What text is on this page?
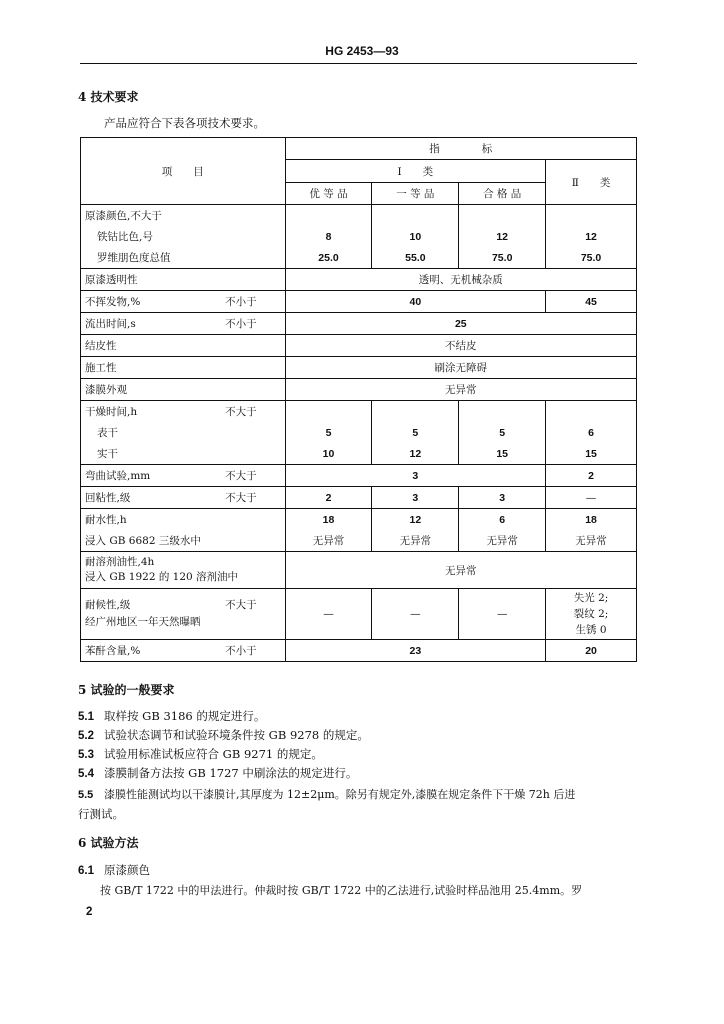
HG 2453—93
4 技术要求
产品应符合下表各项技术要求。
项　　目	指　　　　标			
	Ⅰ　　类			Ⅱ　　类
	优 等 品	一 等 品	合 格 品	
原漆颜色,不大于				
铁钴比色,号	8	10	12	12
罗维朋色度总值	25.0	55.0	75.0	75.0
原漆透明性	透明、无机械杂质			
不挥发物,% 不小于	40			45
流出时间,s 不小于	25			
结皮性	不结皮			
施工性	刷涂无障碍			
漆膜外观	无异常			
干燥时间,h 不大于				

表干	5	5	5	6
实干	10	12	15	15
弯曲试验,mm 不大于	3			2
回粘性,级 不大于	2	3	3	—
耐水性,h	18	12	6	18
浸入 GB 6682 三级水中	无异常	无异常	无异常	无异常
耐溶剂油性,4h
浸入 GB 1922 的 120 溶剂油中	无异常			
耐候性,级 不大于

经广州地区一年天然曝晒	—	—	—	失光 2;
裂纹 2;
生锈 0
苯酐含量,% 不小于	23			20
5 试验的一般要求
5.1 取样按 GB 3186 的规定进行。
5.2 试验状态调节和试验环境条件按 GB 9278 的规定。
5.3 试验用标准试板应符合 GB 9271 的规定。
5.4 漆膜制备方法按 GB 1727 中刷涂法的规定进行。
5.5 漆膜性能测试均以干漆膜计,其厚度为 12±2μm。除另有规定外,漆膜在规定条件下干燥 72h 后进
行测试。
6 试验方法
6.1 原漆颜色
按 GB/T 1722 中的甲法进行。仲裁时按 GB/T 1722 中的乙法进行,试验时样品池用 25.4mm。罗
2
